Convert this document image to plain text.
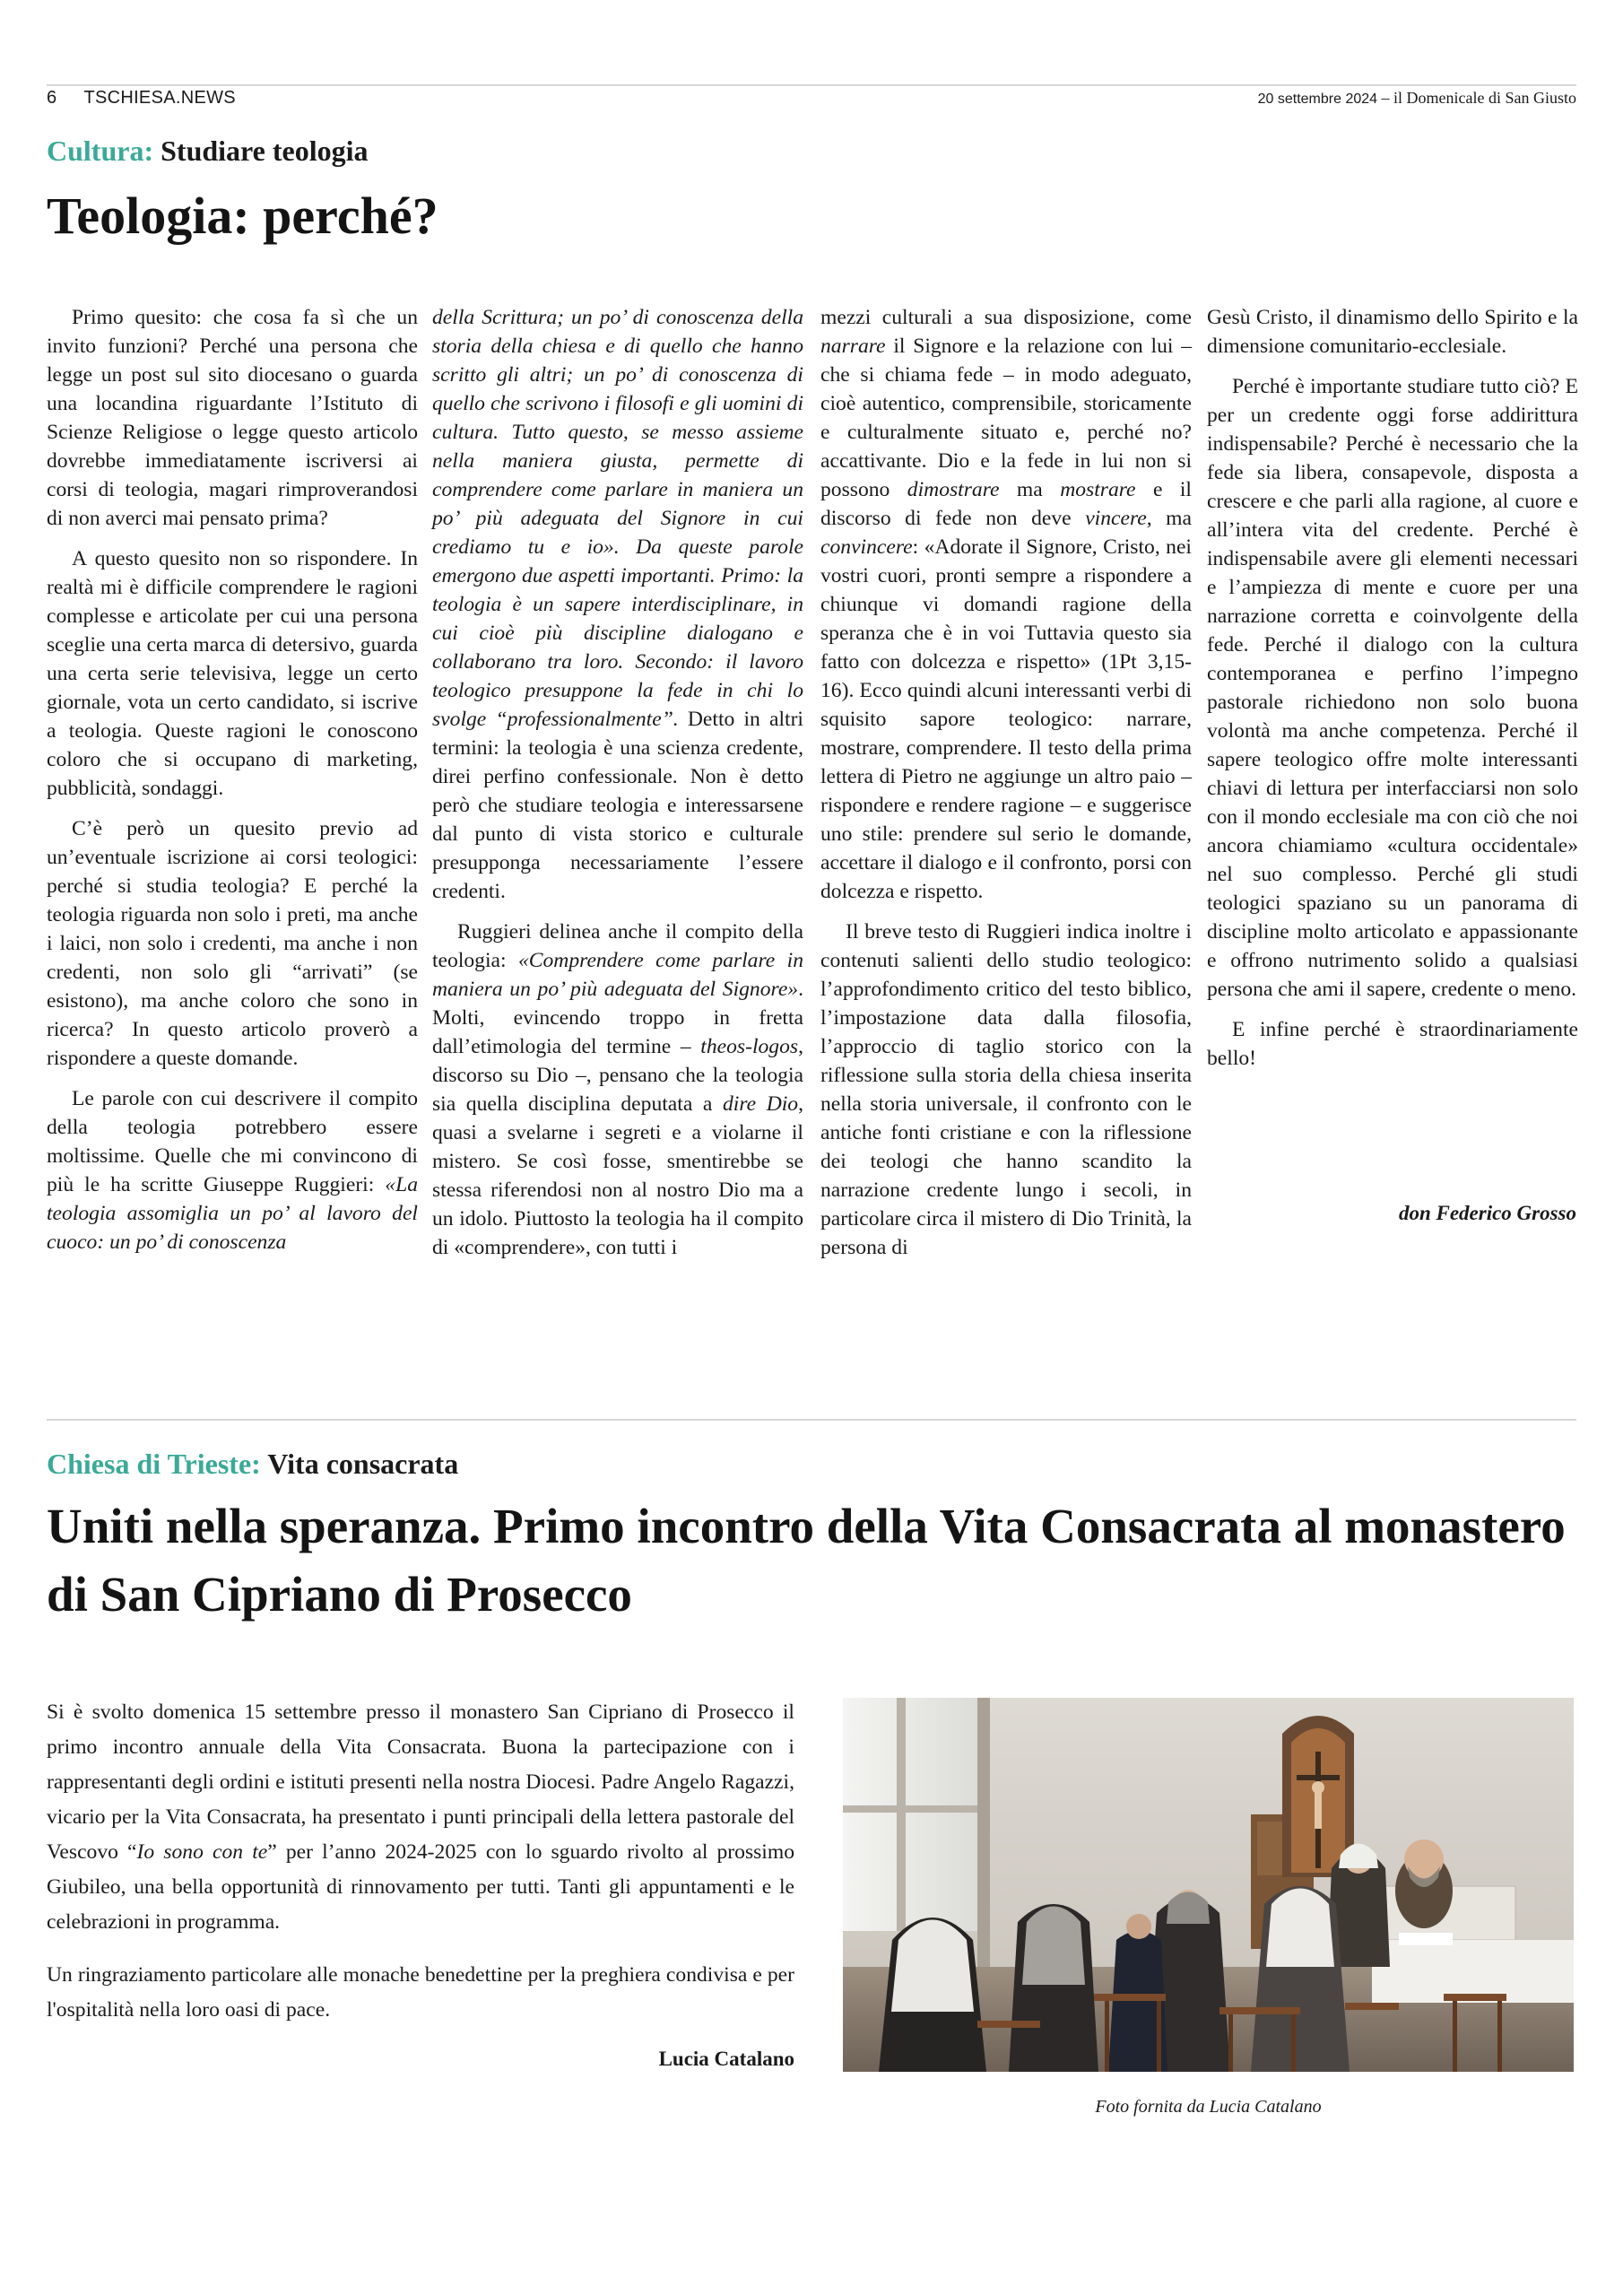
6 TSCHIESA.NEWS	20 settembre 2024 – il Domenicale di San Giusto
Cultura: Studiare teologia
Teologia: perché?

Primo quesito: che cosa fa sì che un invito funzioni? Perché una persona che legge un post sul sito diocesano o guarda una locandina riguardante l’Istituto di Scienze Religiose o legge questo articolo dovrebbe immediatamente iscriversi ai corsi di teologia, magari rimproverandosi di non averci mai pensato prima?

A questo quesito non so rispondere. In realtà mi è difficile comprendere le ragioni complesse e articolate per cui una persona sceglie una certa marca di detersivo, guarda una certa serie televisiva, legge un certo giornale, vota un certo candidato, si iscrive a teologia. Queste ragioni le conoscono coloro che si occupano di marketing, pubblicità, sondaggi.

C’è però un quesito previo ad un’eventuale iscrizione ai corsi teologici: perché si studia teologia? E perché la teologia riguarda non solo i preti, ma anche i laici, non solo i credenti, ma anche i non credenti, non solo gli “arrivati” (se esistono), ma anche coloro che sono in ricerca? In questo articolo proverò a rispondere a queste domande.

Le parole con cui descrivere il compito della teologia potrebbero essere moltissime. Quelle che mi convincono di più le ha scritte Giuseppe Ruggieri: «La teologia assomiglia un po’ al lavoro del cuoco: un po’ di conoscenza

della Scrittura; un po’ di conoscenza della storia della chiesa e di quello che hanno scritto gli altri; un po’ di conoscenza di quello che scrivono i filosofi e gli uomini di cultura. Tutto questo, se messo assieme nella maniera giusta, permette di comprendere come parlare in maniera un po’ più adeguata del Signore in cui crediamo tu e io». Da queste parole emergono due aspetti importanti. Primo: la teologia è un sapere interdisciplinare, in cui cioè più discipline dialogano e collaborano tra loro. Secondo: il lavoro teologico presuppone la fede in chi lo svolge “professionalmente”. Detto in altri termini: la teologia è una scienza credente, direi perfino confessionale. Non è detto però che studiare teologia e interessarsene dal punto di vista storico e culturale presupponga necessariamente l’essere credenti.

Ruggieri delinea anche il compito della teologia: «Comprendere come parlare in maniera un po’ più adeguata del Signore». Molti, evincendo troppo in fretta dall’etimologia del termine – theos-logos, discorso su Dio –, pensano che la teologia sia quella disciplina deputata a dire Dio, quasi a svelarne i segreti e a violarne il mistero. Se così fosse, smentirebbe se stessa riferendosi non al nostro Dio ma a un idolo. Piuttosto la teologia ha il compito di «comprendere», con tutti i

mezzi culturali a sua disposizione, come narrare il Signore e la relazione con lui – che si chiama fede – in modo adeguato, cioè autentico, comprensibile, storicamente e culturalmente situato e, perché no? accattivante. Dio e la fede in lui non si possono dimostrare ma mostrare e il discorso di fede non deve vincere, ma convincere: «Adorate il Signore, Cristo, nei vostri cuori, pronti sempre a rispondere a chiunque vi domandi ragione della speranza che è in voi Tuttavia questo sia fatto con dolcezza e rispetto» (1Pt 3,15-16). Ecco quindi alcuni interessanti verbi di squisito sapore teologico: narrare, mostrare, comprendere. Il testo della prima lettera di Pietro ne aggiunge un altro paio – rispondere e rendere ragione – e suggerisce uno stile: prendere sul serio le domande, accettare il dialogo e il confronto, porsi con dolcezza e rispetto.

Il breve testo di Ruggieri indica inoltre i contenuti salienti dello studio teologico: l’approfondimento critico del testo biblico, l’impostazione data dalla filosofia, l’approccio di taglio storico con la riflessione sulla storia della chiesa inserita nella storia universale, il confronto con le antiche fonti cristiane e con la riflessione dei teologi che hanno scandito la narrazione credente lungo i secoli, in particolare circa il mistero di Dio Trinità, la persona di

Gesù Cristo, il dinamismo dello Spirito e la dimensione comunitario-ecclesiale.

Perché è importante studiare tutto ciò? E per un credente oggi forse addirittura indispensabile? Perché è necessario che la fede sia libera, consapevole, disposta a crescere e che parli alla ragione, al cuore e all’intera vita del credente. Perché è indispensabile avere gli elementi necessari e l’ampiezza di mente e cuore per una narrazione corretta e coinvolgente della fede. Perché il dialogo con la cultura contemporanea e perfino l’impegno pastorale richiedono non solo buona volontà ma anche competenza. Perché il sapere teologico offre molte interessanti chiavi di lettura per interfacciarsi non solo con il mondo ecclesiale ma con ciò che noi ancora chiamiamo «cultura occidentale» nel suo complesso. Perché gli studi teologici spaziano su un panorama di discipline molto articolato e appassionante e offrono nutrimento solido a qualsiasi persona che ami il sapere, credente o meno.

E infine perché è straordinariamente bello!

don Federico Grosso
Chiesa di Trieste: Vita consacrata
Uniti nella speranza. Primo incontro della Vita Consacrata al monastero di San Cipriano di Prosecco

Si è svolto domenica 15 settembre presso il monastero San Cipriano di Prosecco il primo incontro annuale della Vita Consacrata. Buona la partecipazione con i rappresentanti degli ordini e istituti presenti nella nostra Diocesi. Padre Angelo Ragazzi, vicario per la Vita Consacrata, ha presentato i punti principali della lettera pastorale del Vescovo “Io sono con te” per l’anno 2024-2025 con lo sguardo rivolto al prossimo Giubileo, una bella opportunità di rinnovamento per tutti. Tanti gli appuntamenti e le celebrazioni in programma.

Un ringraziamento particolare alle monache benedettine per la preghiera condivisa e per l'ospitalità nella loro oasi di pace.

Lucia Catalano
Foto fornita da Lucia Catalano
